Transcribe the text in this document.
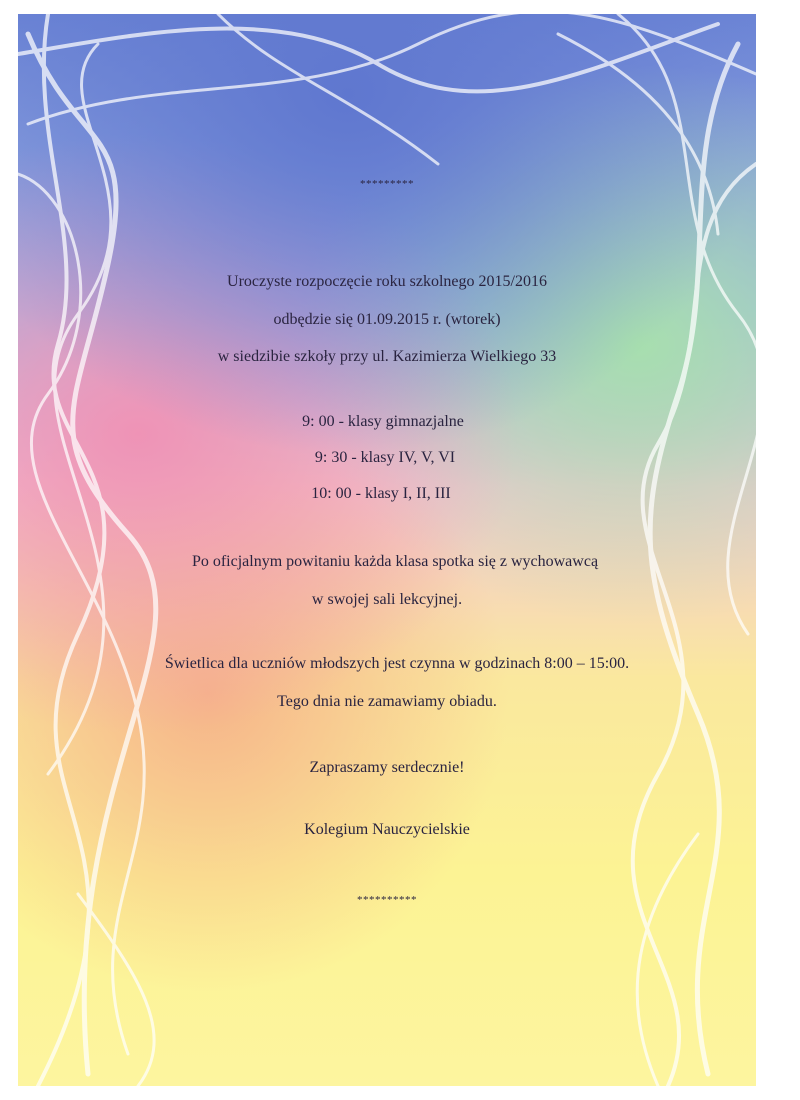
*********
Uroczyste rozpoczęcie roku szkolnego 2015/2016
odbędzie się 01.09.2015 r. (wtorek)
w siedzibie szkoły przy ul. Kazimierza Wielkiego 33
9: 00 - klasy gimnazjalne
9: 30 - klasy IV, V, VI
10: 00 - klasy I, II, III
Po oficjalnym powitaniu każda klasa spotka się z wychowawcą
w swojej sali lekcyjnej.
Świetlica dla uczniów młodszych jest czynna w godzinach 8:00 – 15:00.
Tego dnia nie zamawiamy obiadu.
Zapraszamy serdecznie!
Kolegium Nauczycielskie
**********
